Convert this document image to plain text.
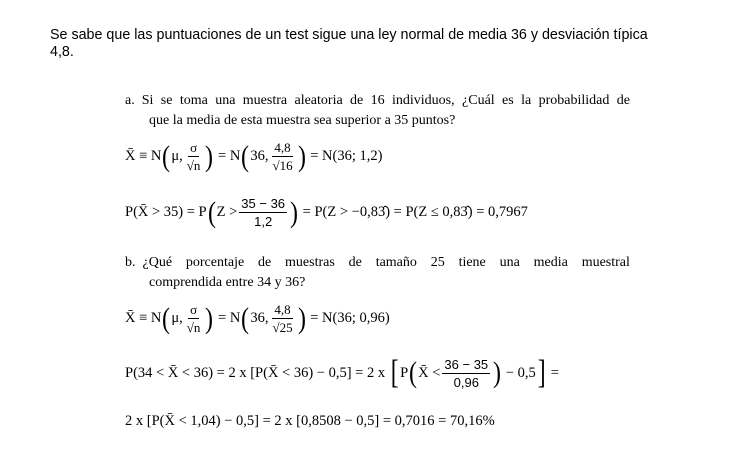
Se sabe que las puntuaciones de un test sigue una ley normal de media 36 y desviación típica
4,8.
a.  Si se toma una muestra aleatoria de 16 individuos, ¿Cuál es la probabilidad de
que la media de esta muestra sea superior a 35 puntos?
X̄ ≡ N ( μ, $\frac{\sigma}{√n}$ ) = N ( 36, $\frac{4,8}{√16}$ ) = N(36; 1,2)
P(X̄ > 35) = P ( $Z > \frac{35 - 36}{1,2}$ ) = P(Z > −0,83̂) = P(Z ≤ 0,83̂) = 0,7967
b.  ¿Qué porcentaje de muestras de tamaño 25 tiene una media muestral
comprendida entre 34 y 36?
X̄ ≡ N ( μ, $\frac{\sigma}{√n}$ ) = N ( 36, $\frac{4,8}{√25}$ ) = N(36; 0,96)
P(34 < X̄ < 36) = 2 x [P(X̄ < 36) − 0,5] = 2 x [ P ( X̄ < $\frac{36 - 35}{0,96}$ ) − 0,5 ] =
2 x [P(X̄ < 1,04) − 0,5] = 2 x [0,8508 − 0,5] = 0,7016 = 70,16%
